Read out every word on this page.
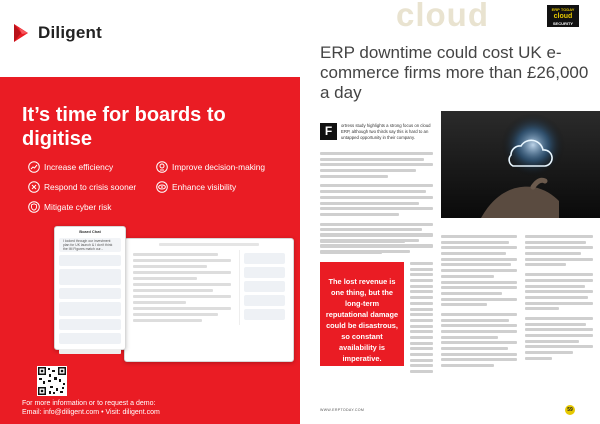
Diligent
It’s time for boards to digitise
Increase efficiency	Improve decision-making
Respond to crisis sooner	Enhance visibility
Mitigate cyber risk
Board Chat
I looked through our investment plan for UK launch & I don't think the IM Figures match our...
For more information or to request a demo:
Email: info@diligent.com • Visit: diligent.com
cloud	ERP TODAY
cloud
SECURITY
ERP downtime could cost UK e-commerce firms more than £26,000 a day
F	ortress study highlights a strong focus on cloud ERP, although two thirds say this is hard to an untapped opportunity in their company.
The lost revenue is one thing, but the long-term reputational damage could be disastrous, so constant availability is imperative.
WWW.ERPTODAY.COM	59
